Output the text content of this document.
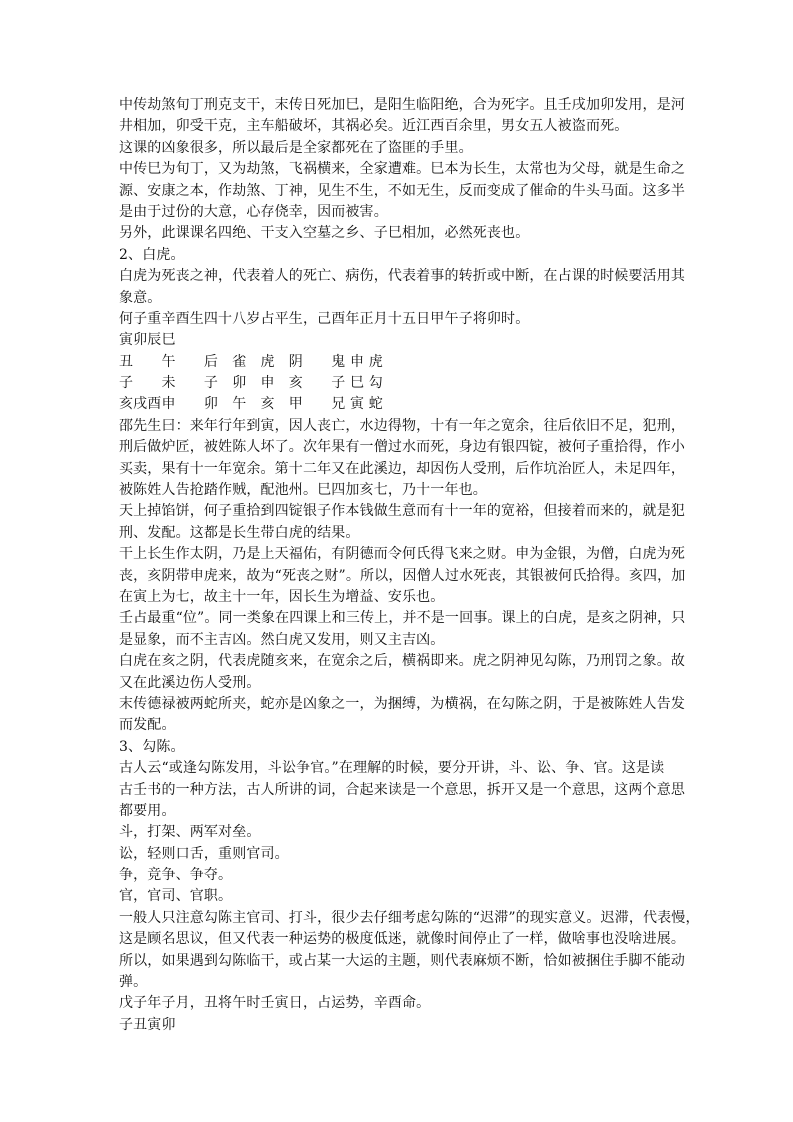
中传劫煞旬丁刑克支干，末传日死加巳，是阳生临阳绝，合为死字。且壬戌加卯发用，是河
井相加，卯受干克，主车船破坏，其祸必矣。近江西百余里，男女五人被盗而死。
这课的凶象很多，所以最后是全家都死在了盗匪的手里。
中传巳为旬丁，又为劫煞，飞祸横来，全家遭难。巳本为长生，太常也为父母，就是生命之
源、安康之本，作劫煞、丁神，见生不生，不如无生，反而变成了催命的牛头马面。这多半
是由于过份的大意，心存侥幸，因而被害。
另外，此课课名四绝、干支入空墓之乡、子巳相加，必然死丧也。
2、白虎。
白虎为死丧之神，代表着人的死亡、病伤，代表着事的转折或中断，在占课的时候要活用其
象意。
何子重辛酉生四十八岁占平生，己酉年正月十五日甲午子将卯时。
寅卯辰巳
丑　　午　　后　雀　虎　阴　　鬼 申 虎
子　　未　　子　卯　申　亥　　子 巳 勾
亥戌酉申　　卯　午　亥　甲　　兄 寅 蛇
邵先生曰：来年行年到寅，因人丧亡，水边得物，十有一年之宽余，往后依旧不足，犯刑，
刑后做炉匠，被姓陈人坏了。次年果有一僧过水而死，身边有银四锭，被何子重拾得，作小
买卖，果有十一年宽余。第十二年又在此溪边，却因伤人受刑，后作坑治匠人，未足四年，
被陈姓人告抢踏作贼，配池州。巳四加亥七，乃十一年也。
天上掉馅饼，何子重拾到四锭银子作本钱做生意而有十一年的宽裕，但接着而来的，就是犯
刑、发配。这都是长生带白虎的结果。
干上长生作太阴，乃是上天福佑，有阴德而令何氏得飞来之财。申为金银，为僧，白虎为死
丧，亥阴带申虎来，故为“死丧之财”。所以，因僧人过水死丧，其银被何氏拾得。亥四，加
在寅上为七，故主十一年，因长生为增益、安乐也。
壬占最重“位”。同一类象在四课上和三传上，并不是一回事。课上的白虎，是亥之阴神，只
是显象，而不主吉凶。然白虎又发用，则又主吉凶。
白虎在亥之阴，代表虎随亥来，在宽余之后，横祸即来。虎之阴神见勾陈，乃刑罚之象。故
又在此溪边伤人受刑。
末传德禄被两蛇所夹，蛇亦是凶象之一，为捆缚，为横祸，在勾陈之阴，于是被陈姓人告发
而发配。
3、勾陈。
古人云“或逢勾陈发用，斗讼争官。”在理解的时候，要分开讲，斗、讼、争、官。这是读
古壬书的一种方法，古人所讲的词，合起来读是一个意思，拆开又是一个意思，这两个意思
都要用。
斗，打架、两军对垒。
讼，轻则口舌，重则官司。
争，竞争、争夺。
官，官司、官职。
一般人只注意勾陈主官司、打斗，很少去仔细考虑勾陈的“迟滞”的现实意义。迟滞，代表慢，
这是顾名思议，但又代表一种运势的极度低迷，就像时间停止了一样，做啥事也没啥进展。
所以，如果遇到勾陈临干，或占某一大运的主题，则代表麻烦不断，恰如被捆住手脚不能动
弹。
戊子年子月，丑将午时壬寅日，占运势，辛酉命。
子丑寅卯
